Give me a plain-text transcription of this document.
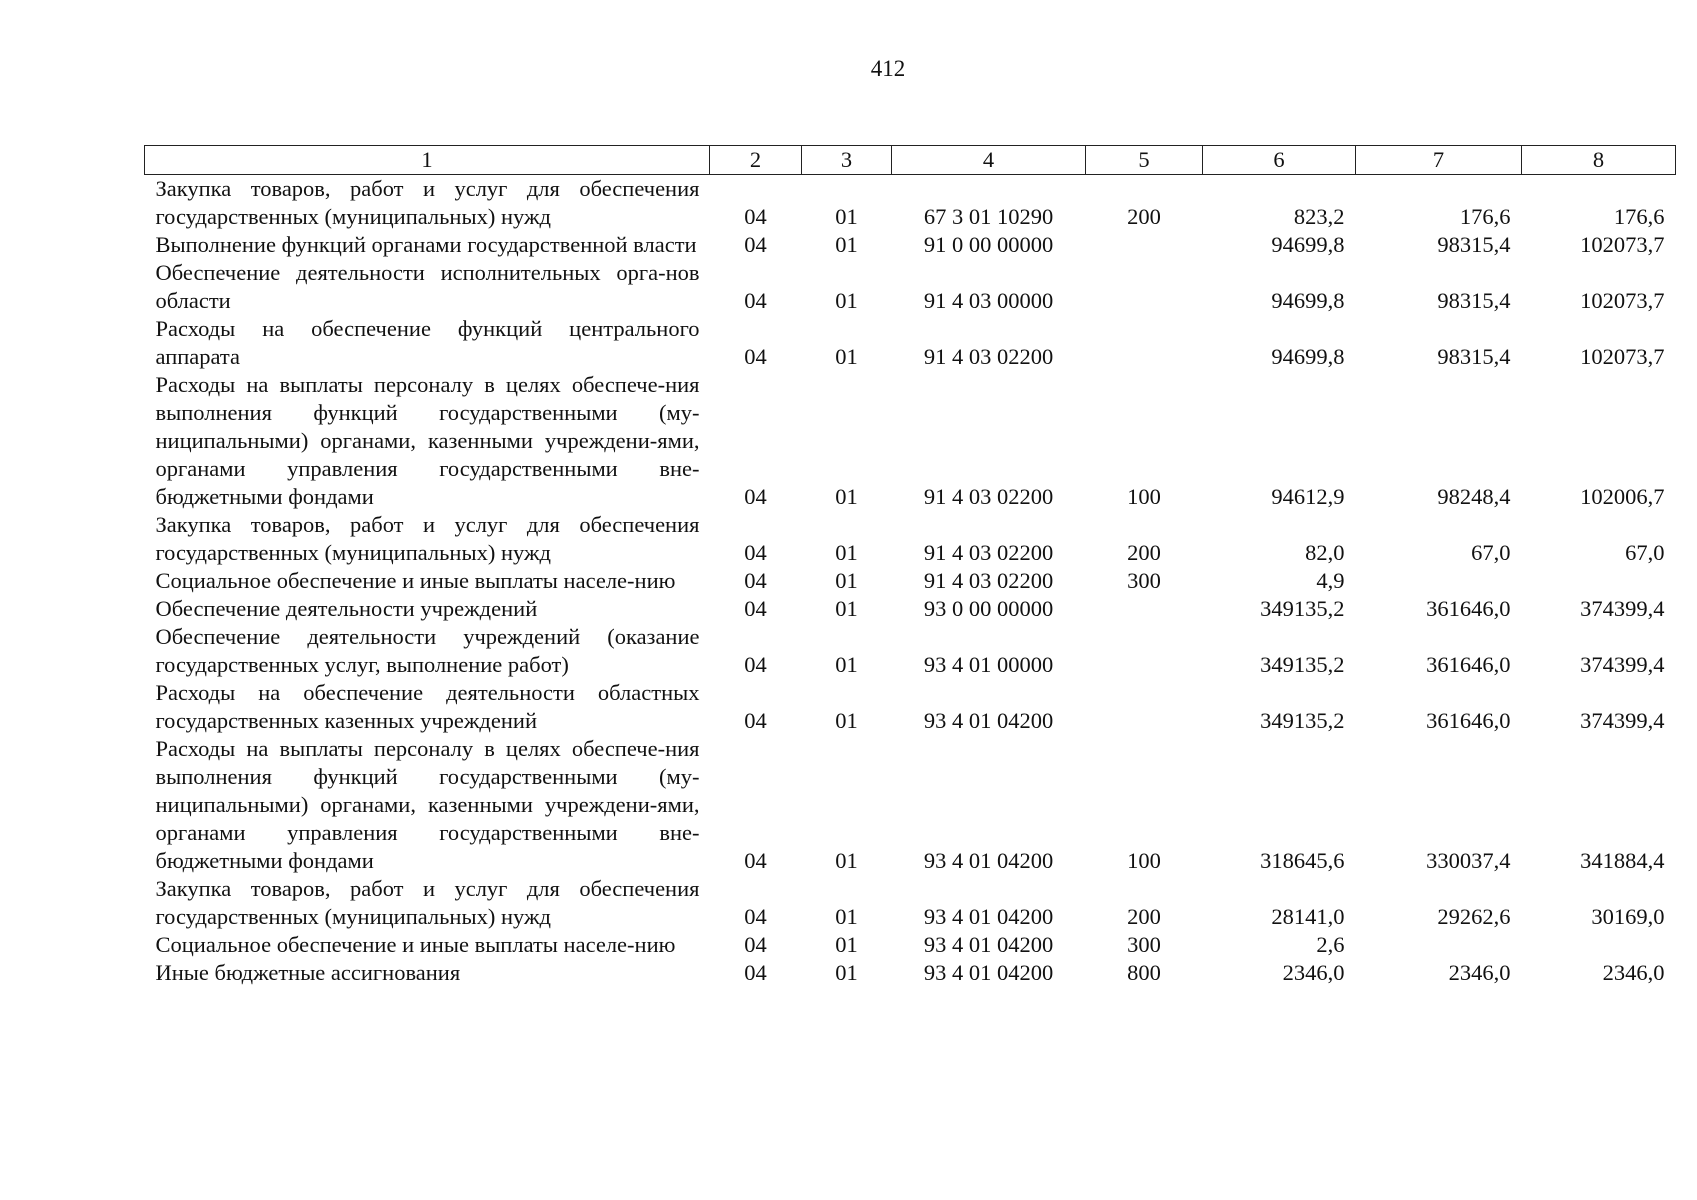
412
1	2	3	4	5	6	7	8
Закупка товаров, работ и услуг для обеспечения государственных (муниципальных) нужд	04	01	67 3 01 10290	200	823,2	176,6	176,6
Выполнение функций органами государственной власти	04	01	91 0 00 00000		94699,8	98315,4	102073,7
Обеспечение деятельности исполнительных орга-нов области	04	01	91 4 03 00000		94699,8	98315,4	102073,7
Расходы на обеспечение функций центрального аппарата	04	01	91 4 03 02200		94699,8	98315,4	102073,7
Расходы на выплаты персоналу в целях обеспече-ния выполнения функций государственными (му-ниципальными) органами, казенными учреждени-ями, органами управления государственными вне-бюджетными фондами	04	01	91 4 03 02200	100	94612,9	98248,4	102006,7
Закупка товаров, работ и услуг для обеспечения государственных (муниципальных) нужд	04	01	91 4 03 02200	200	82,0	67,0	67,0
Социальное обеспечение и иные выплаты населе-нию	04	01	91 4 03 02200	300	4,9		
Обеспечение деятельности учреждений	04	01	93 0 00 00000		349135,2	361646,0	374399,4
Обеспечение деятельности учреждений (оказание государственных услуг, выполнение работ)	04	01	93 4 01 00000		349135,2	361646,0	374399,4
Расходы на обеспечение деятельности областных государственных казенных учреждений	04	01	93 4 01 04200		349135,2	361646,0	374399,4
Расходы на выплаты персоналу в целях обеспече-ния выполнения функций государственными (му-ниципальными) органами, казенными учреждени-ями, органами управления государственными вне-бюджетными фондами	04	01	93 4 01 04200	100	318645,6	330037,4	341884,4
Закупка товаров, работ и услуг для обеспечения государственных (муниципальных) нужд	04	01	93 4 01 04200	200	28141,0	29262,6	30169,0
Социальное обеспечение и иные выплаты населе-нию	04	01	93 4 01 04200	300	2,6		
Иные бюджетные ассигнования	04	01	93 4 01 04200	800	2346,0	2346,0	2346,0
